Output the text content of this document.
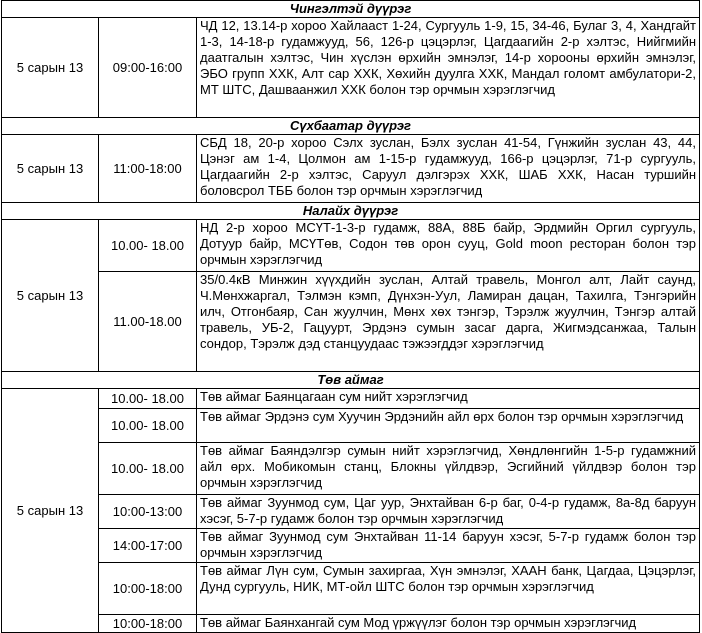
Чингэлтэй дүүрэг		
5 сарын 13	09:00-16:00	ЧД 12, 13.14-р хороо Хайлааст 1-24, Сургууль 1-9, 15, 34-46, Булаг 3, 4, Хандгайт 1-3, 14-18-р гудамжууд, 56, 126-р цэцэрлэг, Цагдаагийн 2-р хэлтэс, Нийгмийн даатгалын хэлтэс, Чин хүслэн өрхийн эмнэлэг, 14-р хорооны өрхийн эмнэлэг, ЭБО групп ХХК, Алт сар ХХК, Хөхийн дуулга ХХК, Мандал голомт амбулатори-2, МТ ШТС, Дашваанжил ХХК болон тэр орчмын хэрэглэгчид
Сүхбаатар дүүрэг		
5 сарын 13	11:00-18:00	СБД 18, 20-р хороо Сэлх зуслан, Бэлх зуслан 41-54, Гүнжийн зуслан 43, 44, Цэнэг ам 1-4, Цолмон ам 1-15-р гудамжууд, 166-р цэцэрлэг, 71-р сургууль, Цагдаагийн 2-р хэлтэс, Саруул дэлгэрэх ХХК, ШАБ ХХК, Насан туршийн боловсрол ТББ болон тэр орчмын хэрэглэгчид
Налайх дүүрэг		
5 сарын 13	10.00- 18.00	НД 2-р хороо МСҮТ-1-3-р гудамж, 88А, 88Б байр, Эрдмийн Оргил сургууль, Дотуур байр, МСҮТөв, Содон төв орон сууц, Gold moon ресторан болон тэр орчмын хэрэглэгчид
	11.00-18.00	35/0.4кВ Минжин хүүхдийн зуслан, Алтай травель, Монгол алт, Лайт саунд, Ч.Мөнхжаргал, Тэлмэн кэмп, Дүнхэн-Уул, Ламиран дацан, Тахилга, Тэнгэрийн илч, Отгонбаяр, Сан жуулчин, Мөнх хөх тэнгэр, Тэрэлж жуулчин, Тэнгэр алтай травель, УБ-2, Гацуурт, Эрдэнэ сумын засаг дарга, Жигмэдсанжаа, Талын сондор, Тэрэлж дэд станцуудаас тэжээгддэг хэрэглэгчид
Төв аймаг		
5 сарын 13	10.00- 18.00	Төв аймаг Баянцагаан сум нийт хэрэглэгчид
	10.00- 18.00	Төв аймаг Эрдэнэ сум Хуучин Эрдэнийн айл өрх болон тэр орчмын хэрэглэгчид
	10.00- 18.00	Төв аймаг Баяндэлгэр сумын нийт хэрэглэгчид, Хөндлөнгийн 1-5-р гудамжний айл өрх. Мобикомын станц, Блокны үйлдвэр, Эсгийний үйлдвэр болон тэр орчмын хэрэглэгчид
	10:00-13:00	Төв аймаг Зуунмод сум, Цаг уур, Энхтайван 6-р баг, 0-4-р гудамж, 8а-8д баруун хэсэг, 5-7-р гудамж болон тэр орчмын хэрэглэгчид
	14:00-17:00	Төв аймаг Зуунмод сум Энхтайван 11-14 баруун хэсэг, 5-7-р гудамж болон тэр орчмын хэрэглэгчид
	10:00-18:00	Төв аймаг Лүн сум, Сумын захиргаа, Хүн эмнэлэг, ХААН банк, Цагдаа, Цэцэрлэг, Дунд сургууль, НИК, МТ-ойл ШТС болон тэр орчмын хэрэглэгчид
	10:00-18:00	Төв аймаг Баянхангай сум Мод үржүүлэг болон тэр орчмын хэрэглэгчид
